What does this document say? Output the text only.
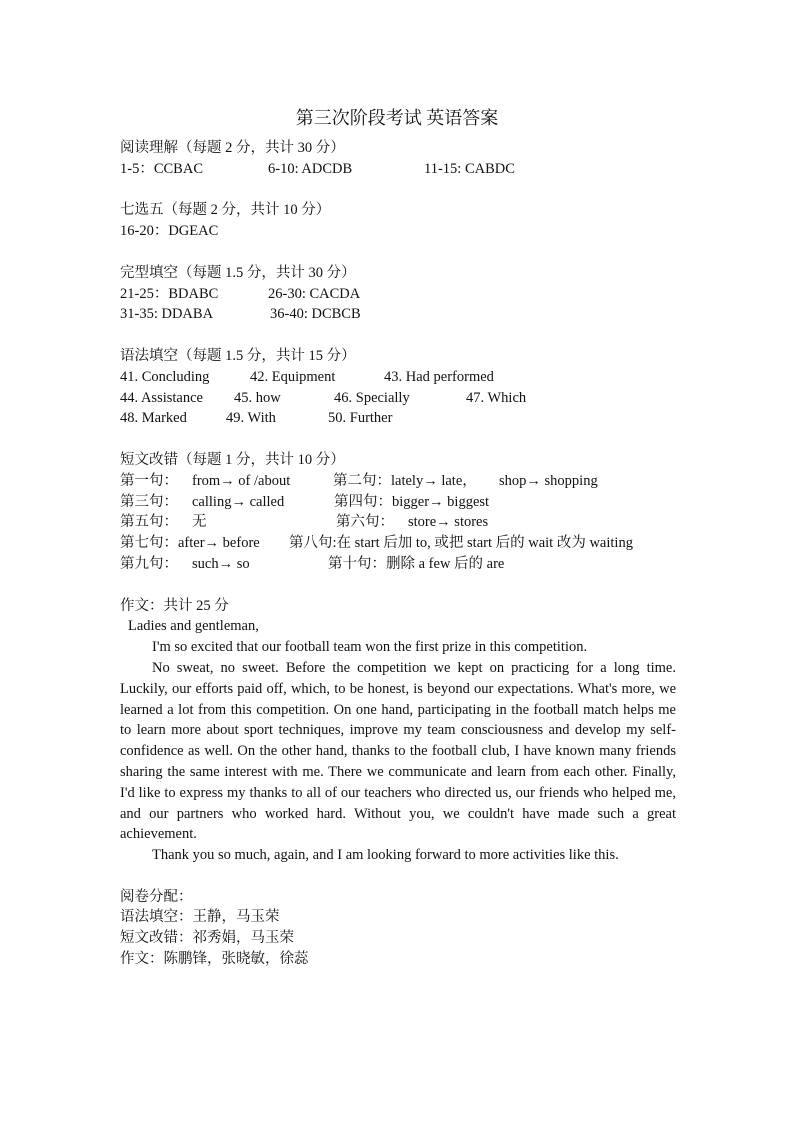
第三次阶段考试 英语答案
阅读理解（每题 2 分，共计 30 分）
1-5：CCBAC	6-10: ADCDB	11-15: CABDC
七选五（每题 2 分，共计 10 分）
16-20：DGEAC
完型填空（每题 1.5 分，共计 30 分）
21-25：BDABC	26-30: CACDA
31-35: DDABA	36-40: DCBCB
语法填空（每题 1.5 分，共计 15 分）
41. Concluding	42. Equipment	43. Had performed
44. Assistance 45. how	46. Specially	47. Which
48. Marked	49. With	50. Further
短文改错（每题 1 分，共计 10 分）
第一句： from→ of /about	第二句：lately→ late， shop→ shopping
第三句： calling→ called	第四句：bigger→ biggest
第五句： 无	第六句： store→ stores
第七句：after→ before 第八句:在 start 后加 to, 或把 start 后的 wait 改为 waiting
第九句： such→ so	第十句：删除 a few 后的 are
作文：共计 25 分
Ladies and gentleman,

I'm so excited that our football team won the first prize in this competition.

No sweat, no sweet. Before the competition we kept on practicing for a long time. Luckily, our efforts paid off, which, to be honest, is beyond our expectations. What's more, we learned a lot from this competition. On one hand, participating in the football match helps me to learn more about sport techniques, improve my team consciousness and develop my self-confidence as well. On the other hand, thanks to the football club, I have known many friends sharing the same interest with me. There we communicate and learn from each other. Finally, I'd like to express my thanks to all of our teachers who directed us, our friends who helped me, and our partners who worked hard. Without you, we couldn't have made such a great achievement.

Thank you so much, again, and I am looking forward to more activities like this.

阅卷分配：
语法填空：王静，马玉荣
短文改错：祁秀娟，马玉荣
作文：陈鹏锋，张晓敏，徐蕊
